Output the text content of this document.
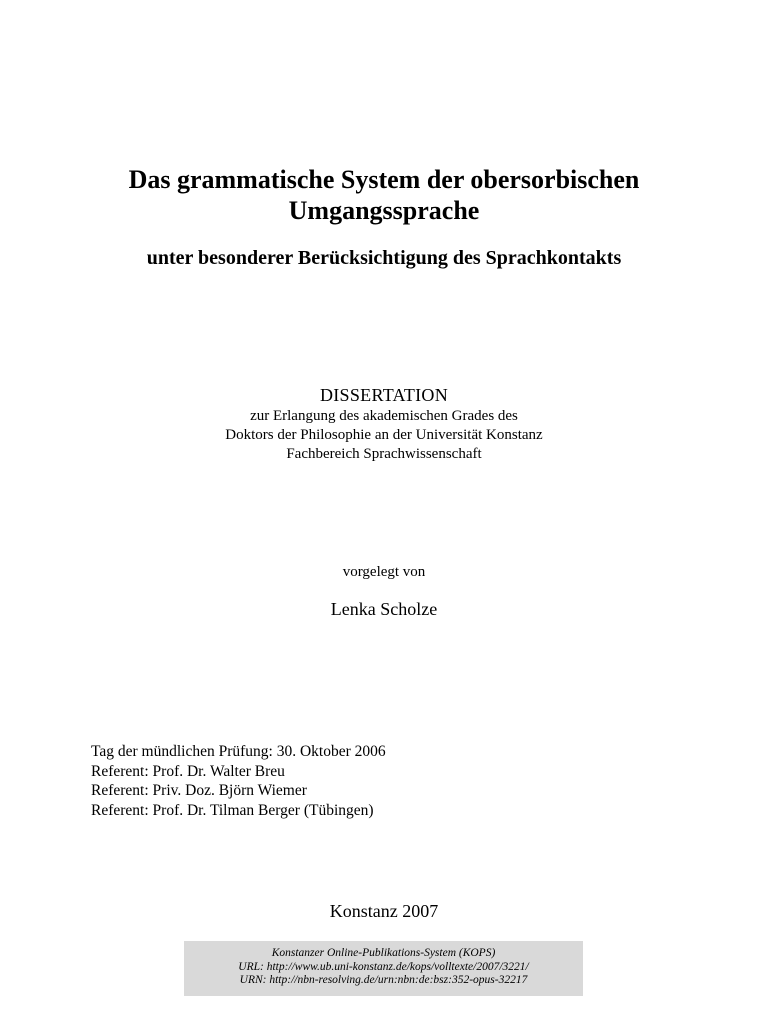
Das grammatische System der obersorbischen
Umgangssprache
unter besonderer Berücksichtigung des Sprachkontakts
DISSERTATION
zur Erlangung des akademischen Grades des
Doktors der Philosophie an der Universität Konstanz
Fachbereich Sprachwissenschaft
vorgelegt von
Lenka Scholze
Tag der mündlichen Prüfung: 30. Oktober 2006
Referent: Prof. Dr. Walter Breu
Referent: Priv. Doz. Björn Wiemer
Referent: Prof. Dr. Tilman Berger (Tübingen)
Konstanz 2007
Konstanzer Online-Publikations-System (KOPS)
URL: http://www.ub.uni-konstanz.de/kops/volltexte/2007/3221/
URN: http://nbn-resolving.de/urn:nbn:de:bsz:352-opus-32217
